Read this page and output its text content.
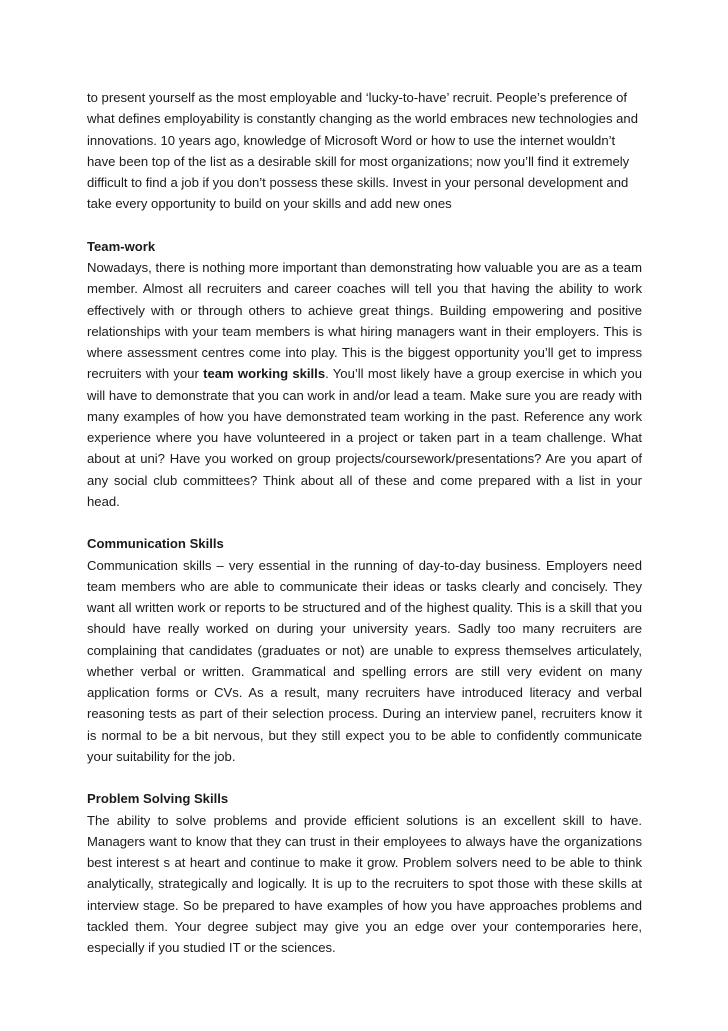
to present yourself as the most employable and ‘lucky-to-have’ recruit. People’s preference of what defines employability is constantly changing as the world embraces new technologies and innovations. 10 years ago, knowledge of Microsoft Word or how to use the internet wouldn’t have been top of the list as a desirable skill for most organizations; now you’ll find it extremely difficult to find a job if you don’t possess these skills. Invest in your personal development and take every opportunity to build on your skills and add new ones

Team-work

Nowadays, there is nothing more important than demonstrating how valuable you are as a team member. Almost all recruiters and career coaches will tell you that having the ability to work effectively with or through others to achieve great things. Building empowering and positive relationships with your team members is what hiring managers want in their employers. This is where assessment centres come into play. This is the biggest opportunity you’ll get to impress recruiters with your team working skills. You’ll most likely have a group exercise in which you will have to demonstrate that you can work in and/or lead a team. Make sure you are ready with many examples of how you have demonstrated team working in the past. Reference any work experience where you have volunteered in a project or taken part in a team challenge. What about at uni? Have you worked on group projects/coursework/presentations? Are you apart of any social club committees? Think about all of these and come prepared with a list in your head.

Communication Skills

Communication skills – very essential in the running of day-to-day business. Employers need team members who are able to communicate their ideas or tasks clearly and concisely. They want all written work or reports to be structured and of the highest quality. This is a skill that you should have really worked on during your university years. Sadly too many recruiters are complaining that candidates (graduates or not) are unable to express themselves articulately, whether verbal or written. Grammatical and spelling errors are still very evident on many application forms or CVs. As a result, many recruiters have introduced literacy and verbal reasoning tests as part of their selection process. During an interview panel, recruiters know it is normal to be a bit nervous, but they still expect you to be able to confidently communicate your suitability for the job.

Problem Solving Skills

The ability to solve problems and provide efficient solutions is an excellent skill to have. Managers want to know that they can trust in their employees to always have the organizations best interest s at heart and continue to make it grow. Problem solvers need to be able to think analytically, strategically and logically. It is up to the recruiters to spot those with these skills at interview stage. So be prepared to have examples of how you have approaches problems and tackled them. Your degree subject may give you an edge over your contemporaries here, especially if you studied IT or the sciences.
